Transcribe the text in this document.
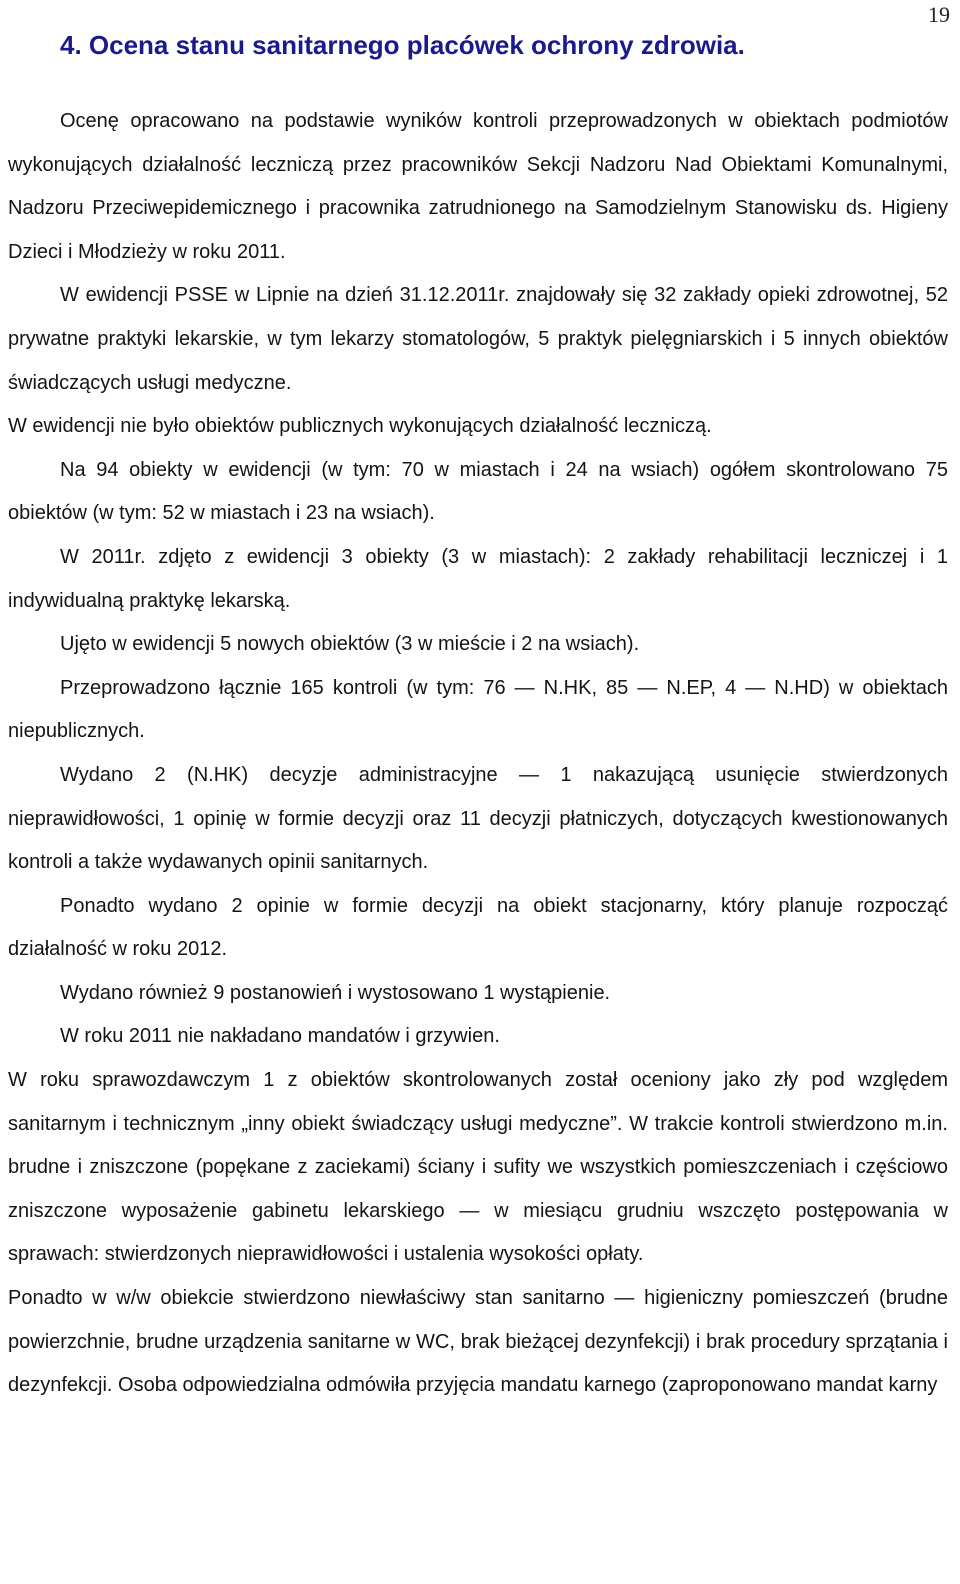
19
4. Ocena stanu sanitarnego placówek ochrony zdrowia.

Ocenę opracowano na podstawie wyników kontroli przeprowadzonych w obiektach podmiotów wykonujących działalność leczniczą przez pracowników Sekcji Nadzoru Nad Obiektami Komunalnymi, Nadzoru Przeciwepidemicznego i pracownika zatrudnionego na Samodzielnym Stanowisku ds. Higieny Dzieci i Młodzieży w roku 2011.

W ewidencji PSSE w Lipnie na dzień 31.12.2011r. znajdowały się 32 zakłady opieki zdrowotnej, 52 prywatne praktyki lekarskie, w tym lekarzy stomatologów, 5 praktyk pielęgniarskich i 5 innych obiektów świadczących usługi medyczne.

W ewidencji nie było obiektów publicznych wykonujących działalność leczniczą.

Na 94 obiekty w ewidencji (w tym: 70 w miastach i 24 na wsiach) ogółem skontrolowano 75 obiektów (w tym: 52 w miastach i 23 na wsiach).

W 2011r. zdjęto z ewidencji 3 obiekty (3 w miastach): 2 zakłady rehabilitacji leczniczej i 1 indywidualną praktykę lekarską.

Ujęto w ewidencji 5 nowych obiektów (3 w mieście i 2 na wsiach).

Przeprowadzono łącznie 165 kontroli (w tym: 76 — N.HK, 85 — N.EP, 4 — N.HD) w obiektach niepublicznych.

Wydano 2 (N.HK) decyzje administracyjne — 1 nakazującą usunięcie stwierdzonych nieprawidłowości, 1 opinię w formie decyzji oraz 11 decyzji płatniczych, dotyczących kwestionowanych kontroli a także wydawanych opinii sanitarnych.

Ponadto wydano 2 opinie w formie decyzji na obiekt stacjonarny, który planuje rozpocząć działalność w roku 2012.

Wydano również 9 postanowień i wystosowano 1 wystąpienie.

W roku 2011 nie nakładano mandatów i grzywien.

W roku sprawozdawczym 1 z obiektów skontrolowanych został oceniony jako zły pod względem sanitarnym i technicznym „inny obiekt świadczący usługi medyczne”. W trakcie kontroli stwierdzono m.in. brudne i zniszczone (popękane z zaciekami) ściany i sufity we wszystkich pomieszczeniach i częściowo zniszczone wyposażenie gabinetu lekarskiego — w miesiącu grudniu wszczęto postępowania w sprawach: stwierdzonych nieprawidłowości i ustalenia wysokości opłaty.

Ponadto w w/w obiekcie stwierdzono niewłaściwy stan sanitarno — higieniczny pomieszczeń (brudne powierzchnie, brudne urządzenia sanitarne w WC, brak bieżącej dezynfekcji) i brak procedury sprzątania i dezynfekcji. Osoba odpowiedzialna odmówiła przyjęcia mandatu karnego (zaproponowano mandat karny
